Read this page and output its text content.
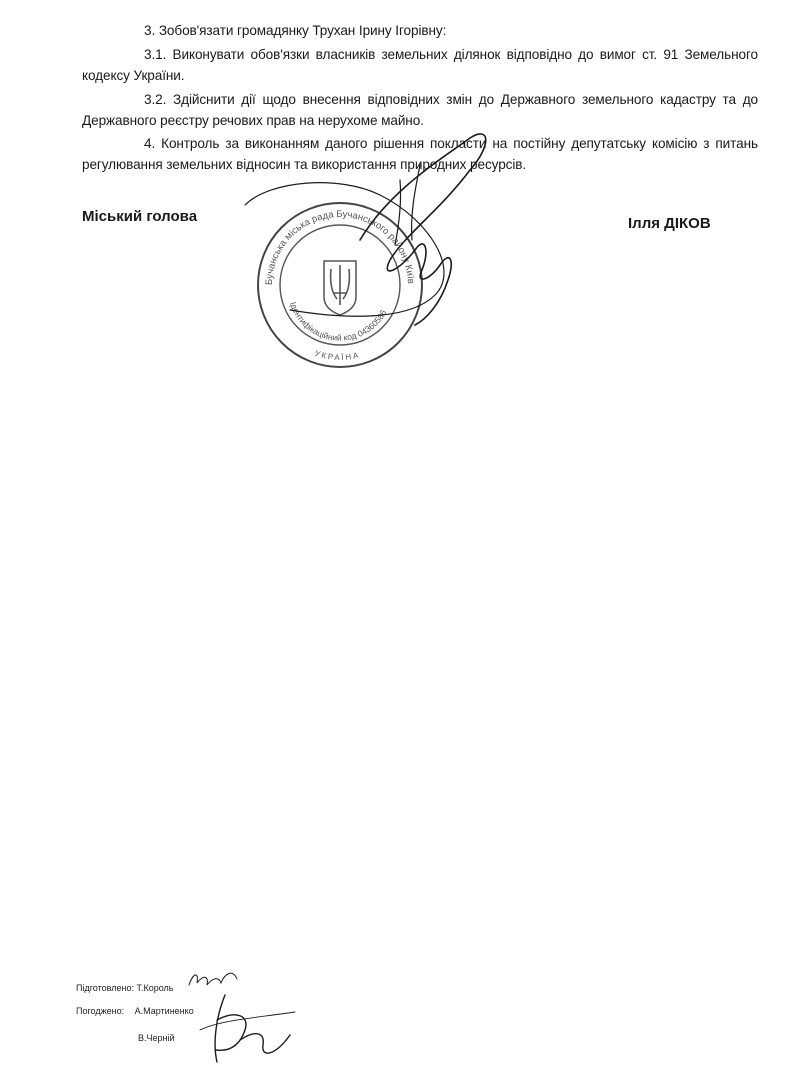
3. Зобов'язати громадянку Трухан Ірину Ігорівну:
3.1. Виконувати обов'язки власників земельних ділянок відповідно до вимог ст. 91 Земельного кодексу України.
3.2. Здійснити дії щодо внесення відповідних змін до Державного земельного кадастру та до Державного реєстру речових прав на нерухоме майно.
4. Контроль за виконанням даного рішення покласти на постійну депутатську комісію з питань регулювання земельних відносин та використання природних ресурсів.
Міський голова	Ілля ДІКОВ
Бучанська міська рада Бучанського району Київської області
Ідентифікаційний код 04360586
УКРАЇНА
Підготовлено: Т.Король
Погоджено: А.Мартиненко
В.Черній
